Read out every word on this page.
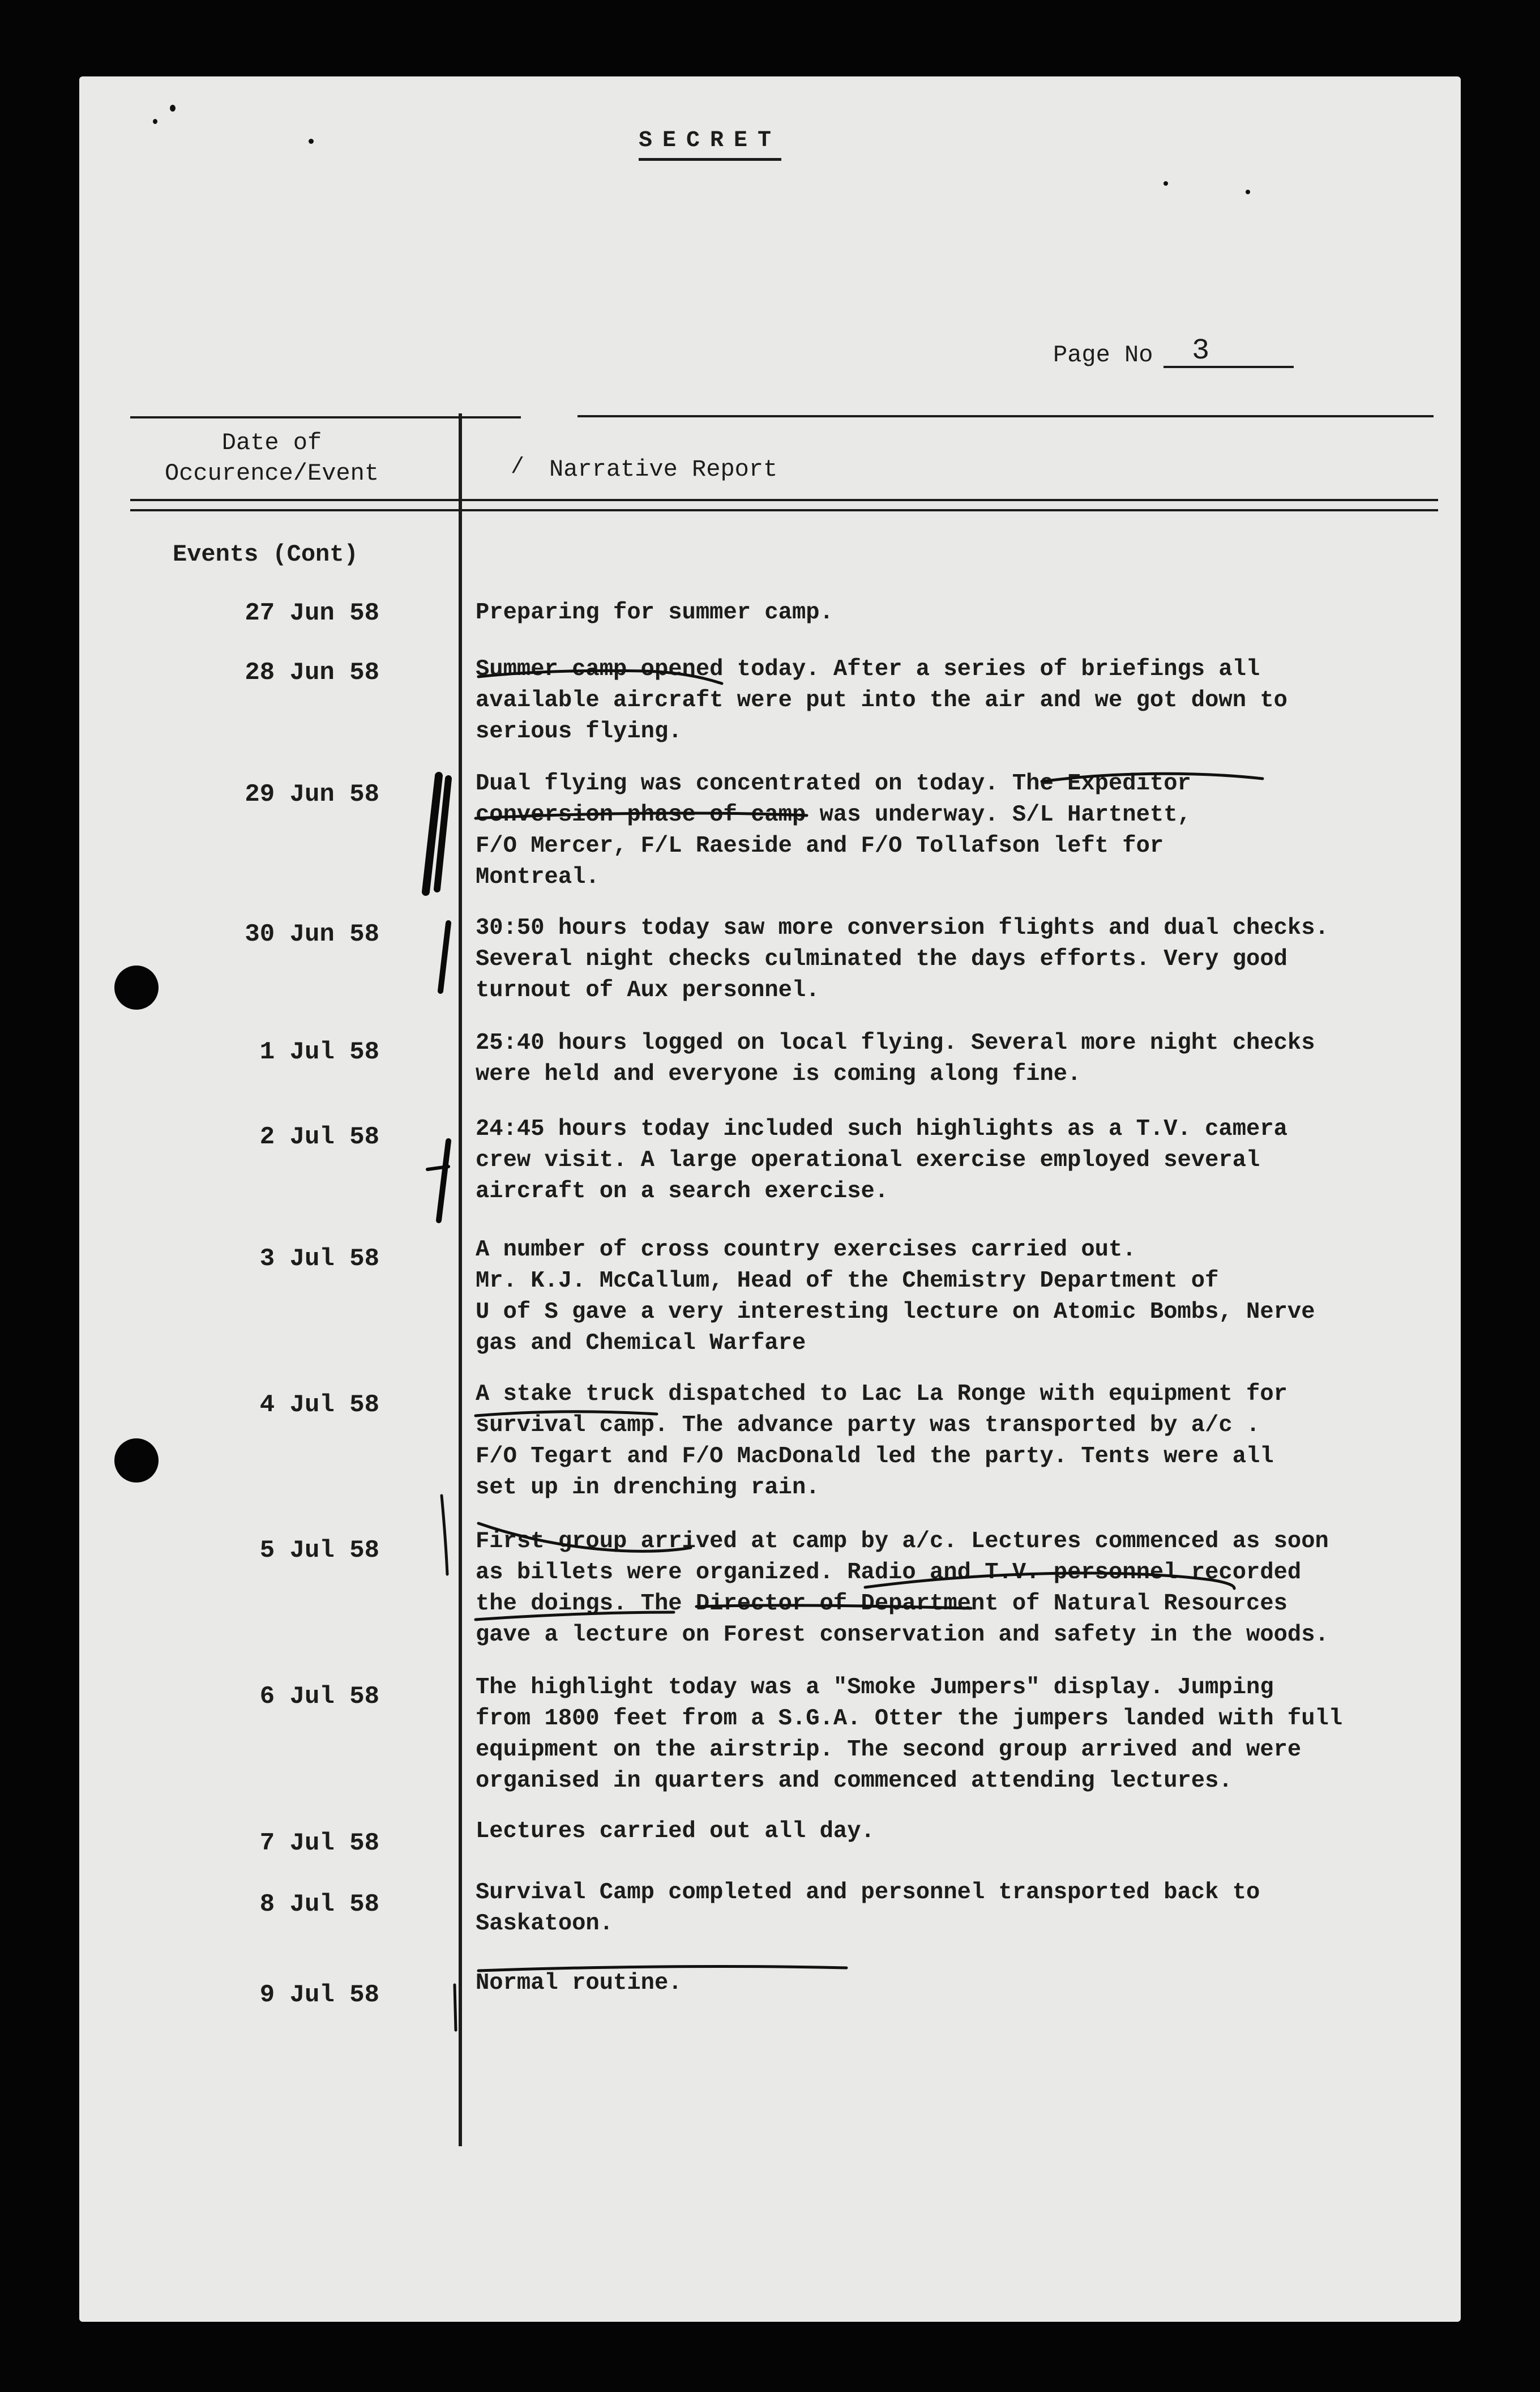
SECRET
Page No	3
Date of
Occurence/Event	/ Narrative Report
Events (Cont)
27 Jun 58	Preparing for summer camp.
28 Jun 58	Summer camp opened today. After a series of briefings all
available aircraft were put into the air and we got down to
serious flying.
29 Jun 58	Dual flying was concentrated on today. The Expeditor
conversion phase of camp was underway. S/L Hartnett,
F/O Mercer, F/L Raeside and F/O Tollafson left for
Montreal.
30 Jun 58	30:50 hours today saw more conversion flights and dual checks.
Several night checks culminated the days efforts. Very good
turnout of Aux personnel.
1 Jul 58	25:40 hours logged on local flying. Several more night checks
were held and everyone is coming along fine.
2 Jul 58	24:45 hours today included such highlights as a T.V. camera
crew visit. A large operational exercise employed several
aircraft on a search exercise.
3 Jul 58	A number of cross country exercises carried out.
Mr. K.J. McCallum, Head of the Chemistry Department of
U of S gave a very interesting lecture on Atomic Bombs, Nerve
gas and Chemical Warfare
4 Jul 58	A stake truck dispatched to Lac La Ronge with equipment for
survival camp. The advance party was transported by a/c .
F/O Tegart and F/O MacDonald led the party. Tents were all
set up in drenching rain.
5 Jul 58	First group arrived at camp by a/c. Lectures commenced as soon
as billets were organized. Radio and T.V. personnel recorded
the doings. The Director of Department of Natural Resources
gave a lecture on Forest conservation and safety in the woods.
6 Jul 58	The highlight today was a "Smoke Jumpers" display. Jumping
from 1800 feet from a S.G.A. Otter the jumpers landed with full
equipment on the airstrip. The second group arrived and were
organised in quarters and commenced attending lectures.
7 Jul 58	Lectures carried out all day.
8 Jul 58	Survival Camp completed and personnel transported back to
Saskatoon.
9 Jul 58	Normal routine.
